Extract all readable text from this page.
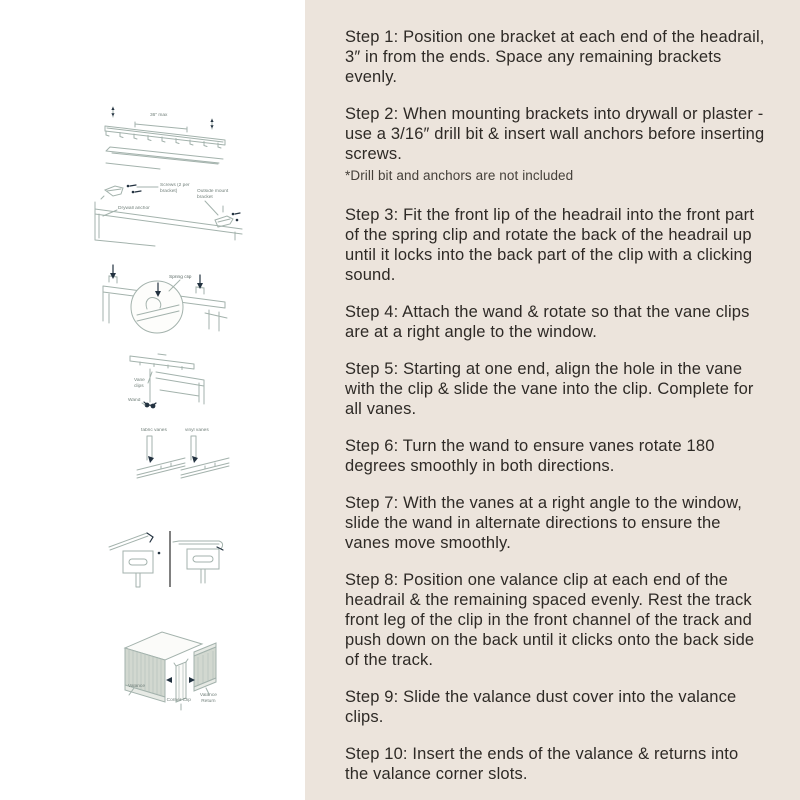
Step 1: Position one bracket at each end of the headrail, 3″ in from the ends. Space any remaining brackets evenly.

Step 2: When mounting brackets into drywall or plaster - use a 3/16″ drill bit & insert wall anchors before inserting screws.

*Drill bit and anchors are not included

Step 3: Fit the front lip of the headrail into the front part of the spring clip and rotate the back of the headrail up until it locks into the back part of the clip with a clicking sound.

Step 4: Attach the wand & rotate so that the vane clips are at a right angle to the window.

Step 5: Starting at one end, align the hole in the vane with the clip & slide the vane into the clip. Complete for all vanes.

Step 6: Turn the wand to ensure vanes rotate 180 degrees smoothly in both directions.

Step 7: With the vanes at a right angle to the window, slide the wand in alternate directions to ensure the vanes move smoothly.

Step 8: Position one valance clip at each end of the headrail & the remaining spaced evenly. Rest the track front leg of the clip in the front channel of the track and push down on the back until it clicks onto the back side of the track.

Step 9: Slide the valance dust cover into the valance clips.

Step 10: Insert the ends of the valance & returns into the valance corner slots.

36″ max
Screws (2 per bracket)	Outside mount bracket
Drywall anchor
Spring clip
Vane clips
Wand
fabric vanes	vinyl vanes
Valance
Corner Clip
Valance Return
